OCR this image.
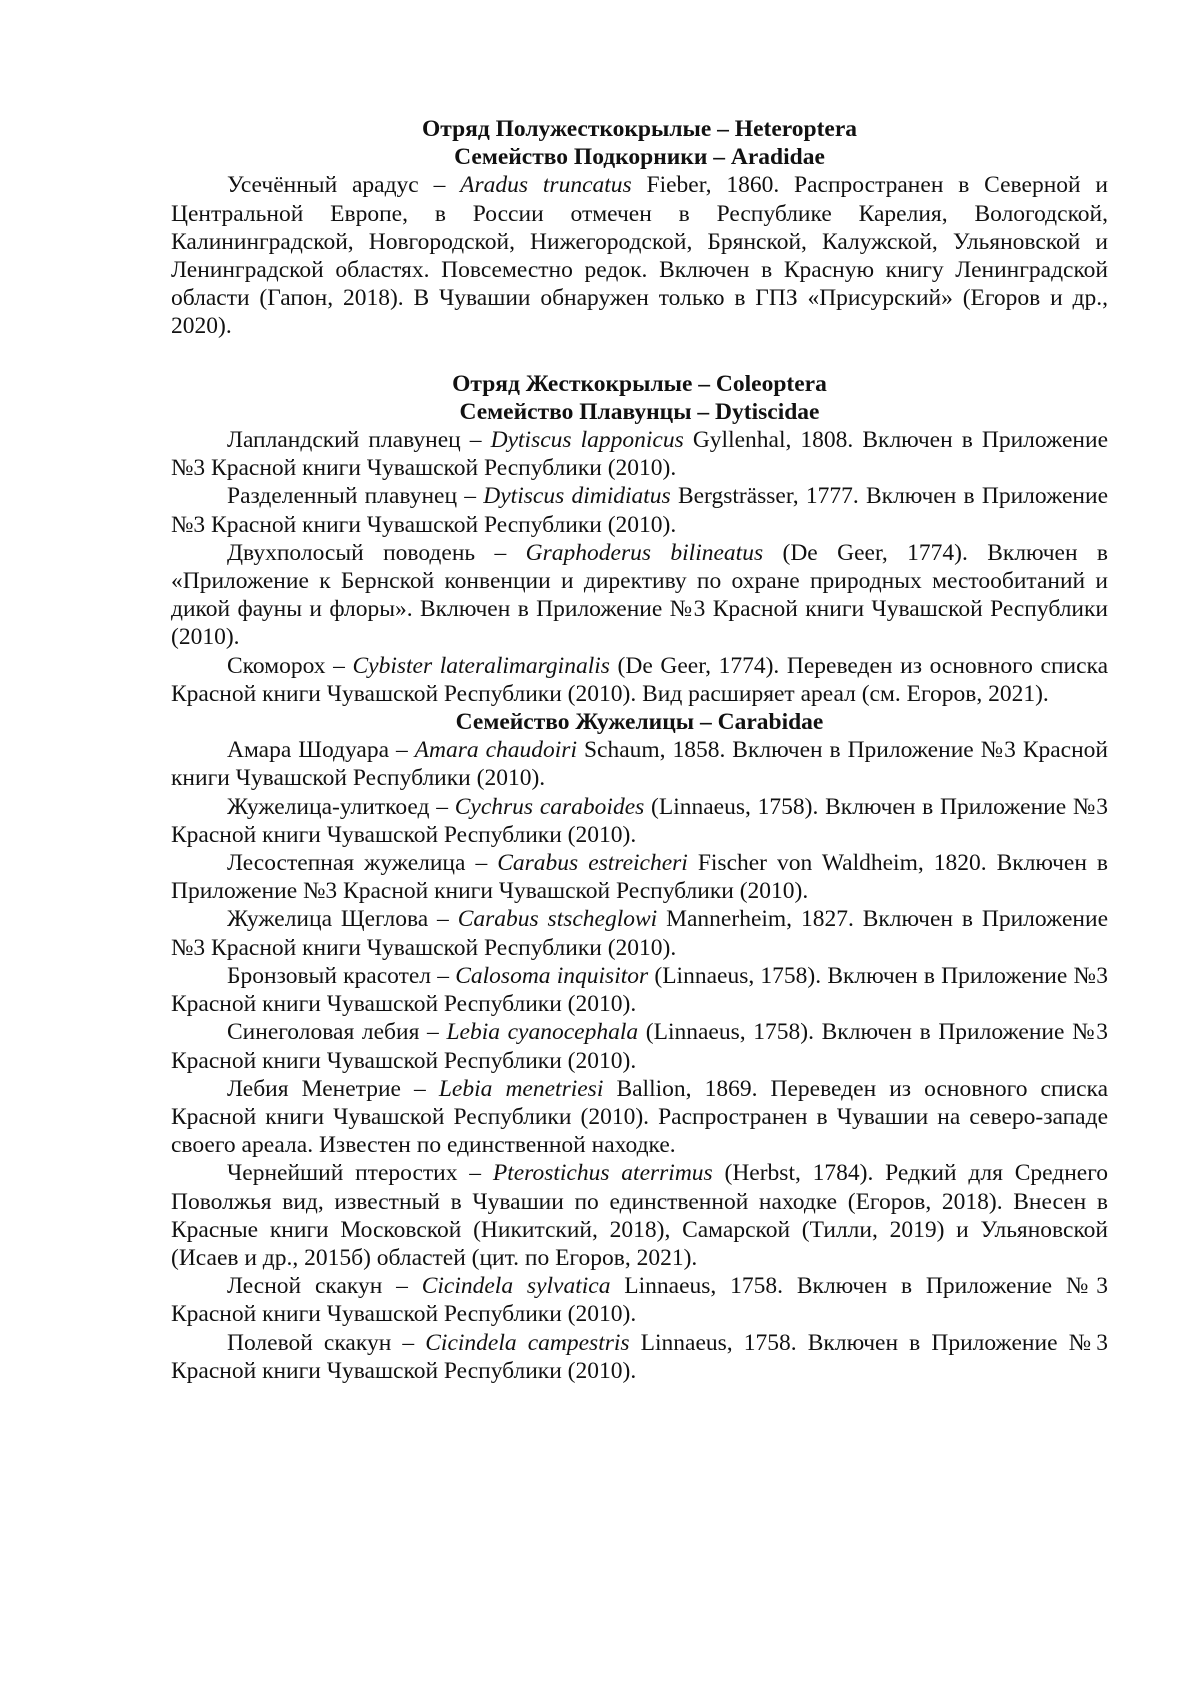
Отряд Полужесткокрылые – Heteroptera

Семейство Подкорники – Aradidae

Усечённый арадус – Aradus truncatus Fieber, 1860. Распространен в Северной и Центральной Европе, в России отмечен в Республике Карелия, Вологодской, Калининградской, Новгородской, Нижегородской, Брянской, Калужской, Ульяновской и Ленинградской областях. Повсеместно редок. Включен в Красную книгу Ленинградской области (Гапон, 2018). В Чувашии обнаружен только в ГПЗ «Присурский» (Егоров и др., 2020).

Отряд Жесткокрылые – Coleoptera

Семейство Плавунцы – Dytiscidae

Лапландский плавунец – Dytiscus lapponicus Gyllenhal, 1808. Включен в Приложение №3 Красной книги Чувашской Республики (2010).

Разделенный плавунец – Dytiscus dimidiatus Bergsträsser, 1777. Включен в Приложение №3 Красной книги Чувашской Республики (2010).

Двухполосый поводень – Graphoderus bilineatus (De Geer, 1774). Включен в «Приложение к Бернской конвенции и директиву по охране природных местообитаний и дикой фауны и флоры». Включен в Приложение №3 Красной книги Чувашской Республики (2010).

Скоморох – Cybister lateralimarginalis (De Geer, 1774). Переведен из основного списка Красной книги Чувашской Республики (2010). Вид расширяет ареал (см. Егоров, 2021).

Семейство Жужелицы – Carabidae

Амара Шодуара – Amara chaudoiri Schaum, 1858. Включен в Приложение №3 Красной книги Чувашской Республики (2010).

Жужелица-улиткоед – Cychrus caraboides (Linnaeus, 1758). Включен в Приложение №3 Красной книги Чувашской Республики (2010).

Лесостепная жужелица – Carabus estreicheri Fischer von Waldheim, 1820. Включен в Приложение №3 Красной книги Чувашской Республики (2010).

Жужелица Щеглова – Carabus stscheglowi Mannerheim, 1827. Включен в Приложение №3 Красной книги Чувашской Республики (2010).

Бронзовый красотел – Calosoma inquisitor (Linnaeus, 1758). Включен в Приложение №3 Красной книги Чувашской Республики (2010).

Синеголовая лебия – Lebia cyanocephala (Linnaeus, 1758). Включен в Приложение №3 Красной книги Чувашской Республики (2010).

Лебия Менетрие – Lebia menetriesi Ballion, 1869. Переведен из основного списка Красной книги Чувашской Республики (2010). Распространен в Чувашии на северо-западе своего ареала. Известен по единственной находке.

Чернейший птеростих – Pterostichus aterrimus (Herbst, 1784). Редкий для Среднего Поволжья вид, известный в Чувашии по единственной находке (Егоров, 2018). Внесен в Красные книги Московской (Никитский, 2018), Самарской (Тилли, 2019) и Ульяновской (Исаев и др., 2015б) областей (цит. по Егоров, 2021).

Лесной скакун – Cicindela sylvatica Linnaeus, 1758. Включен в Приложение №3 Красной книги Чувашской Республики (2010).

Полевой скакун – Cicindela campestris Linnaeus, 1758. Включен в Приложение №3 Красной книги Чувашской Республики (2010).
